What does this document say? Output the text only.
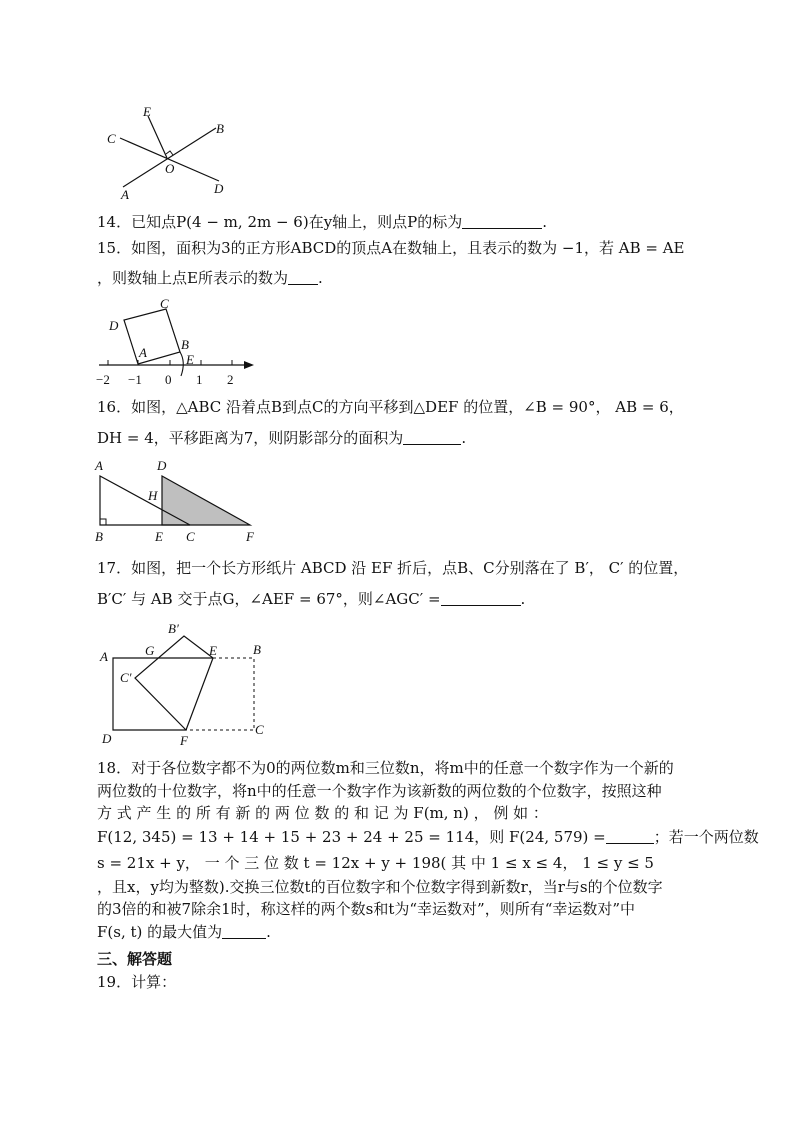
E
B
C
O
A	D
14．已知点P(4 − m, 2m − 6)在y轴上，则点P的标为	.
15．如图，面积为3的正方形ABCD的顶点A在数轴上，且表示的数为 −1，若 AB = AE
，则数轴上点E所表示的数为 .
C
D
B
A	E
−2 −1 0 1 2
16．如图，△ABC 沿着点B到点C的方向平移到△DEF 的位置，∠B = 90°， AB = 6，
DH = 4，平移距离为7，则阴影部分的面积为	.
A	D
H
B	E C	F
17．如图，把一个长方形纸片 ABCD 沿 EF 折后，点B、C分别落在了 B′， C′ 的位置，
B′C′ 与 AB 交于点G，∠AEF = 67°，则∠AGC′ =	.
B′
A	G	E	B
C′
D	F
C
18．对于各位数字都不为0的两位数m和三位数n，将m中的任意一个数字作为一个新的
两位数的十位数字，将n中的任意一个数字作为该新数的两位数的个位数字，按照这种
方 式 产 生 的 所 有 新 的 两 位 数 的 和 记 为 F(m, n) ， 例 如 ：
F(12, 345) = 13 + 14 + 15 + 23 + 24 + 25 = 114，则 F(24, 579) =	；若一个两位数
s = 21x + y， 一 个 三 位 数 t = 12x + y + 198( 其 中 1 ≤ x ≤ 4， 1 ≤ y ≤ 5
，且x，y均为整数).交换三位数t的百位数字和个位数字得到新数r，当r与s的个位数字
的3倍的和被7除余1时，称这样的两个数s和t为“幸运数对”，则所有“幸运数对”中
F(s, t) 的最大值为	.
三、解答题
19．计算：
